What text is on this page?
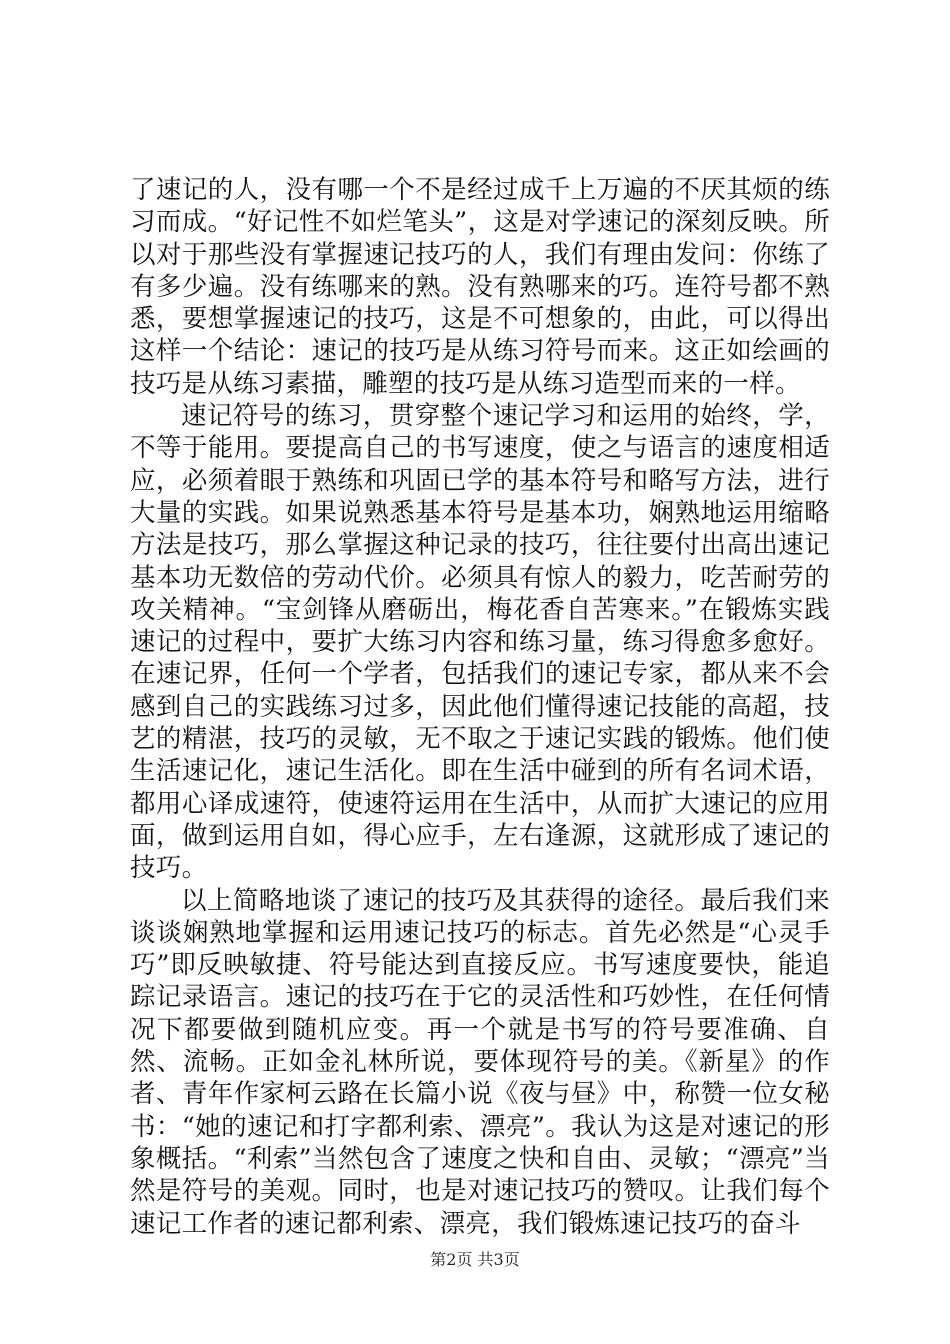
了速记的人，没有哪一个不是经过成千上万遍的不厌其烦的练习而成。“好记性不如烂笔头”，这是对学速记的深刻反映。所以对于那些没有掌握速记技巧的人，我们有理由发问：你练了有多少遍。没有练哪来的熟。没有熟哪来的巧。连符号都不熟悉，要想掌握速记的技巧，这是不可想象的，由此，可以得出这样一个结论：速记的技巧是从练习符号而来。这正如绘画的技巧是从练习素描，雕塑的技巧是从练习造型而来的一样。

速记符号的练习，贯穿整个速记学习和运用的始终，学，不等于能用。要提高自己的书写速度，使之与语言的速度相适应，必须着眼于熟练和巩固已学的基本符号和略写方法，进行大量的实践。如果说熟悉基本符号是基本功，娴熟地运用缩略方法是技巧，那么掌握这种记录的技巧，往往要付出高出速记基本功无数倍的劳动代价。必须具有惊人的毅力，吃苦耐劳的攻关精神。“宝剑锋从磨砺出，梅花香自苦寒来。”在锻炼实践速记的过程中，要扩大练习内容和练习量，练习得愈多愈好。在速记界，任何一个学者，包括我们的速记专家，都从来不会感到自己的实践练习过多，因此他们懂得速记技能的高超，技艺的精湛，技巧的灵敏，无不取之于速记实践的锻炼。他们使生活速记化，速记生活化。即在生活中碰到的所有名词术语，都用心译成速符，使速符运用在生活中，从而扩大速记的应用面，做到运用自如，得心应手，左右逢源，这就形成了速记的技巧。

以上简略地谈了速记的技巧及其获得的途径。最后我们来谈谈娴熟地掌握和运用速记技巧的标志。首先必然是“心灵手巧”即反映敏捷、符号能达到直接反应。书写速度要快，能追踪记录语言。速记的技巧在于它的灵活性和巧妙性，在任何情况下都要做到随机应变。再一个就是书写的符号要准确、自然、流畅。正如金礼林所说，要体现符号的美。《新星》的作者、青年作家柯云路在长篇小说《夜与昼》中，称赞一位女秘书：“她的速记和打字都利索、漂亮”。我认为这是对速记的形象概括。“利索”当然包含了速度之快和自由、灵敏；“漂亮”当然是符号的美观。同时，也是对速记技巧的赞叹。让我们每个速记工作者的速记都利索、漂亮，我们锻炼速记技巧的奋斗

第2页 共3页
